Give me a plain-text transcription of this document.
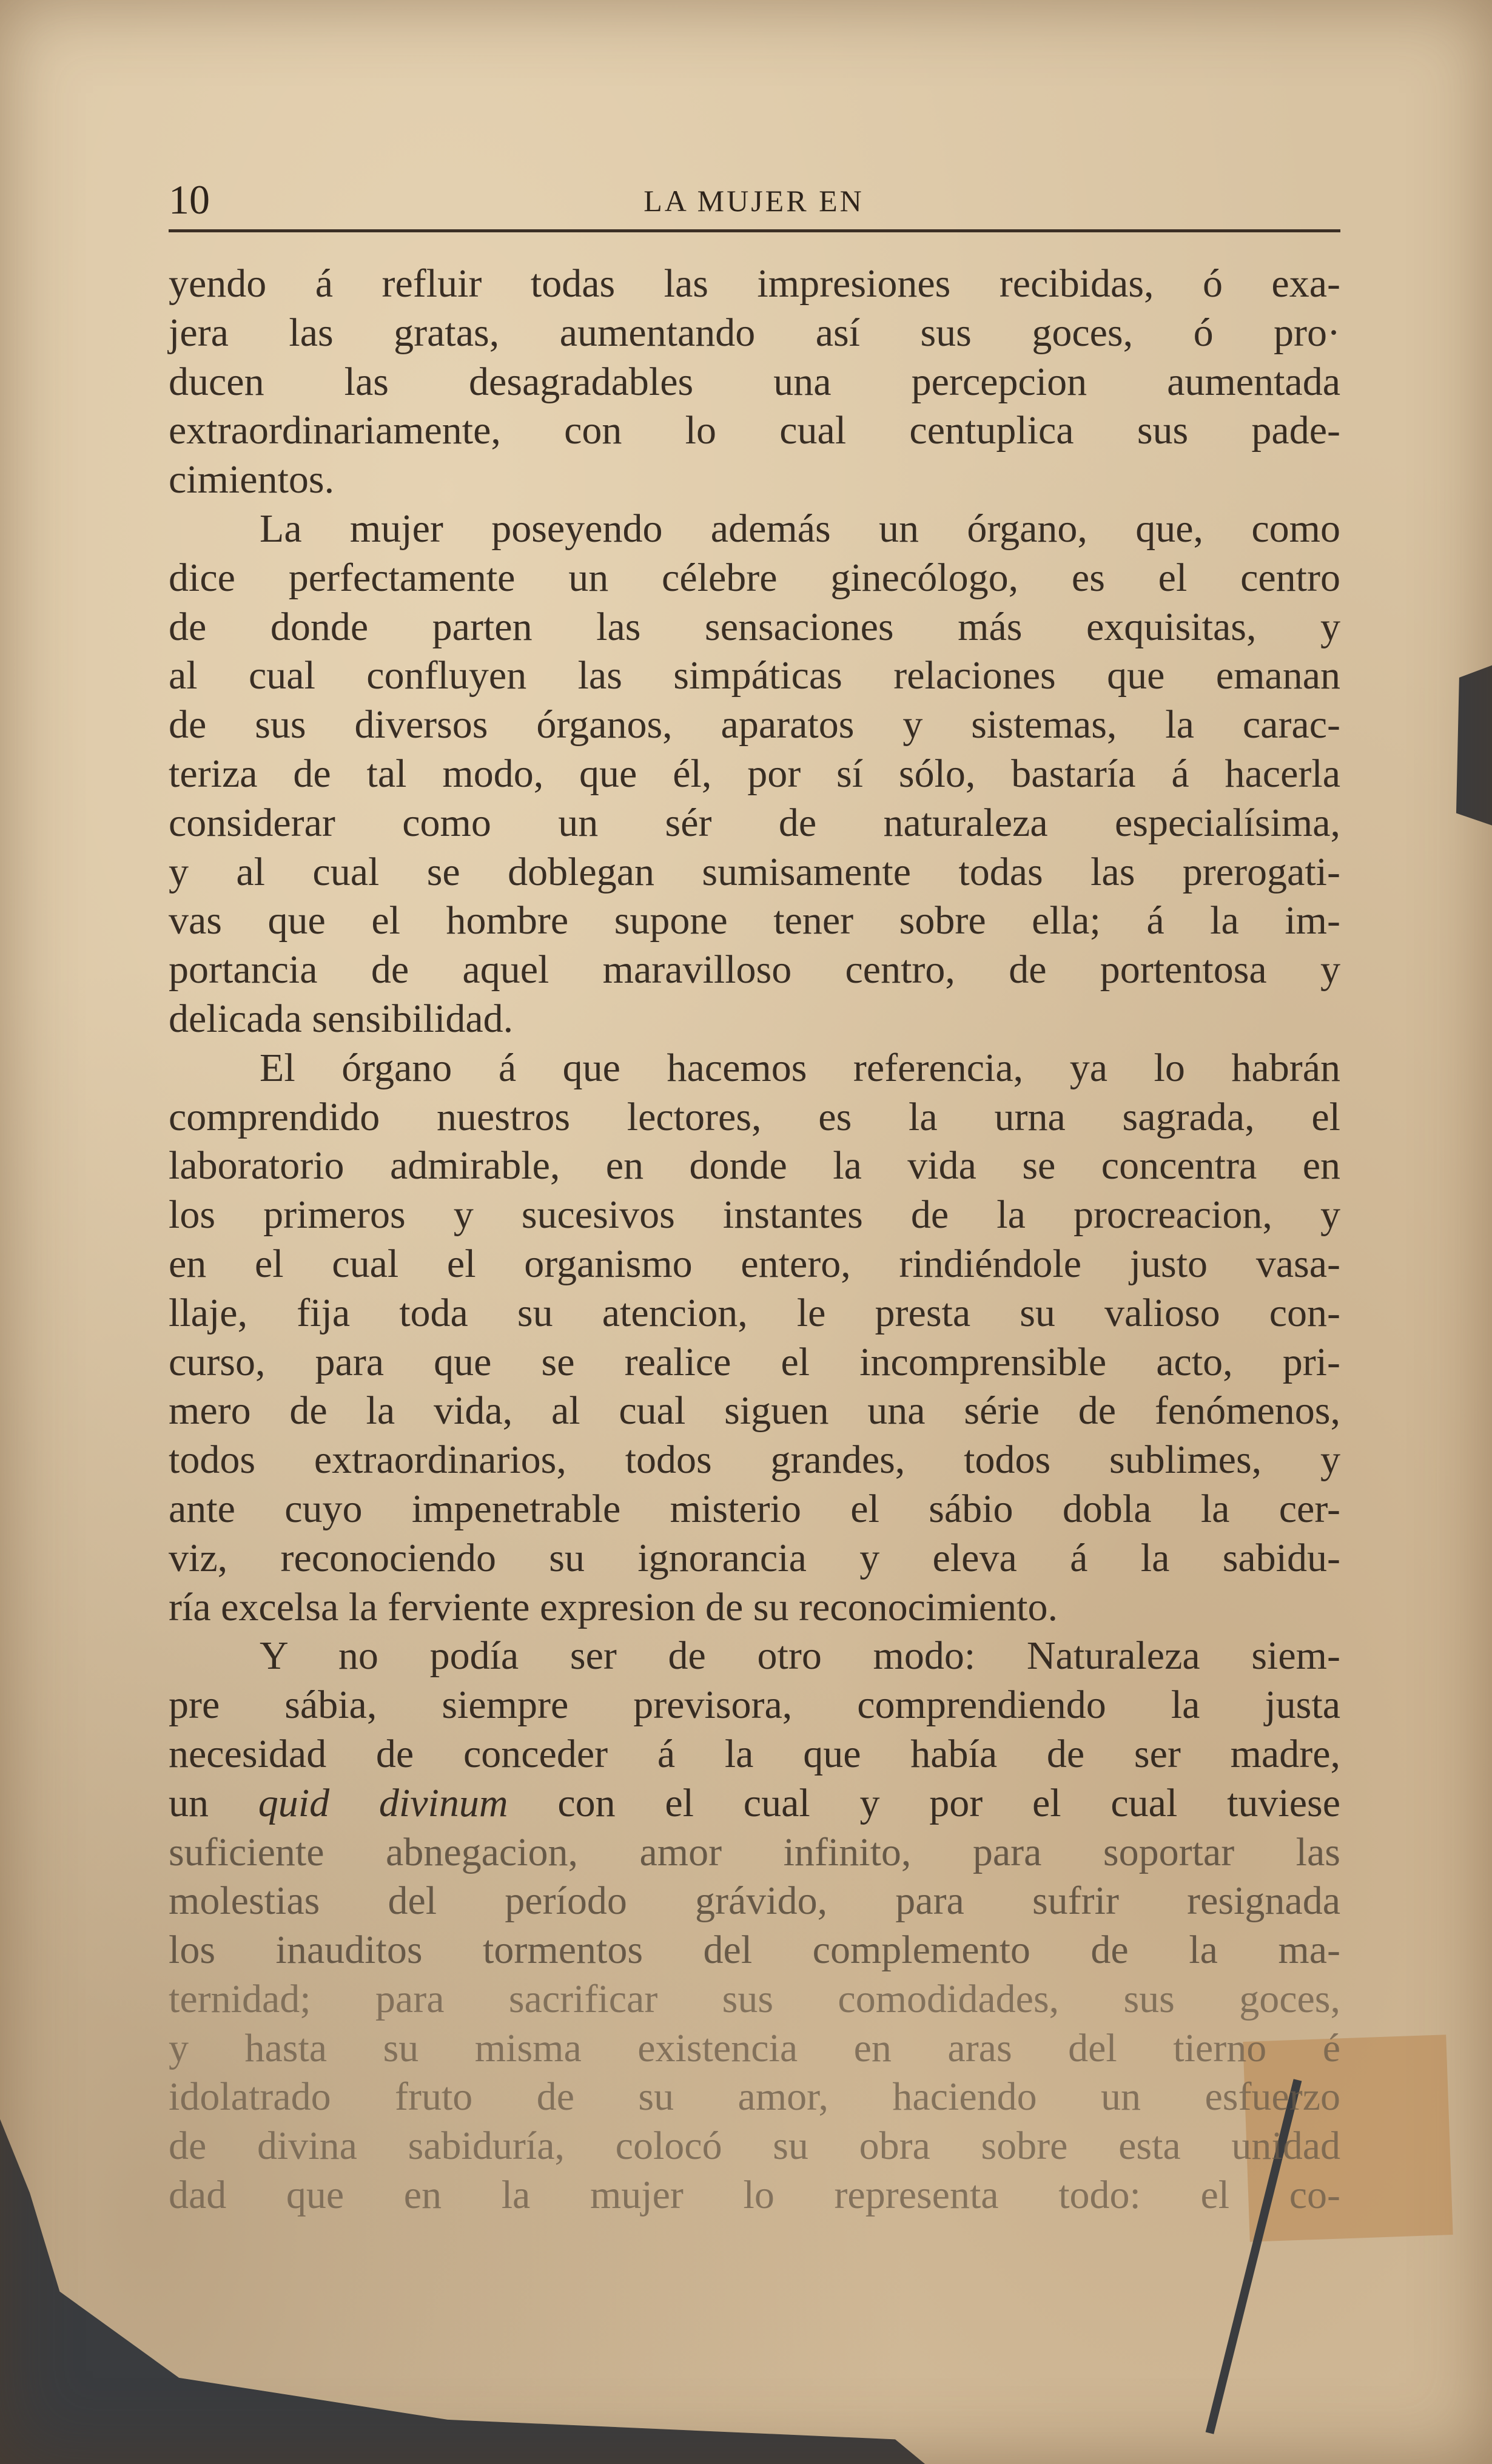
10	LA MUJER EN
yendo á refluir todas las impresiones recibidas, ó exa-
jera las gratas, aumentando así sus goces, ó pro·
ducen las desagradables una percepcion aumentada
extraordinariamente, con lo cual centuplica sus pade-
cimientos.
La mujer poseyendo además un órgano, que, como
dice perfectamente un célebre ginecólogo, es el centro
de donde parten las sensaciones más exquisitas, y
al cual confluyen las simpáticas relaciones que emanan
de sus diversos órganos, aparatos y sistemas, la carac-
teriza de tal modo, que él, por sí sólo, bastaría á hacerla
considerar como un sér de naturaleza especialísima,
y al cual se doblegan sumisamente todas las prerogati-
vas que el hombre supone tener sobre ella; á la im-
portancia de aquel maravilloso centro, de portentosa y
delicada sensibilidad.
El órgano á que hacemos referencia, ya lo habrán
comprendido nuestros lectores, es la urna sagrada, el
laboratorio admirable, en donde la vida se concentra en
los primeros y sucesivos instantes de la procreacion, y
en el cual el organismo entero, rindiéndole justo vasa-
llaje, fija toda su atencion, le presta su valioso con-
curso, para que se realice el incomprensible acto, pri-
mero de la vida, al cual siguen una série de fenómenos,
todos extraordinarios, todos grandes, todos sublimes, y
ante cuyo impenetrable misterio el sábio dobla la cer-
viz, reconociendo su ignorancia y eleva á la sabidu-
ría excelsa la ferviente expresion de su reconocimiento.
Y no podía ser de otro modo: Naturaleza siem-
pre sábia, siempre previsora, comprendiendo la justa
necesidad de conceder á la que había de ser madre,
un quid divinum con el cual y por el cual tuviese
suficiente abnegacion, amor infinito, para soportar las
molestias del período grávido, para sufrir resignada
los inauditos tormentos del complemento de la ma-
ternidad; para sacrificar sus comodidades, sus goces,
y hasta su misma existencia en aras del tierno é
idolatrado fruto de su amor, haciendo un esfuerzo
de divina sabiduría, colocó su obra sobre esta unidad
dad que en la mujer lo representa todo: el co-
